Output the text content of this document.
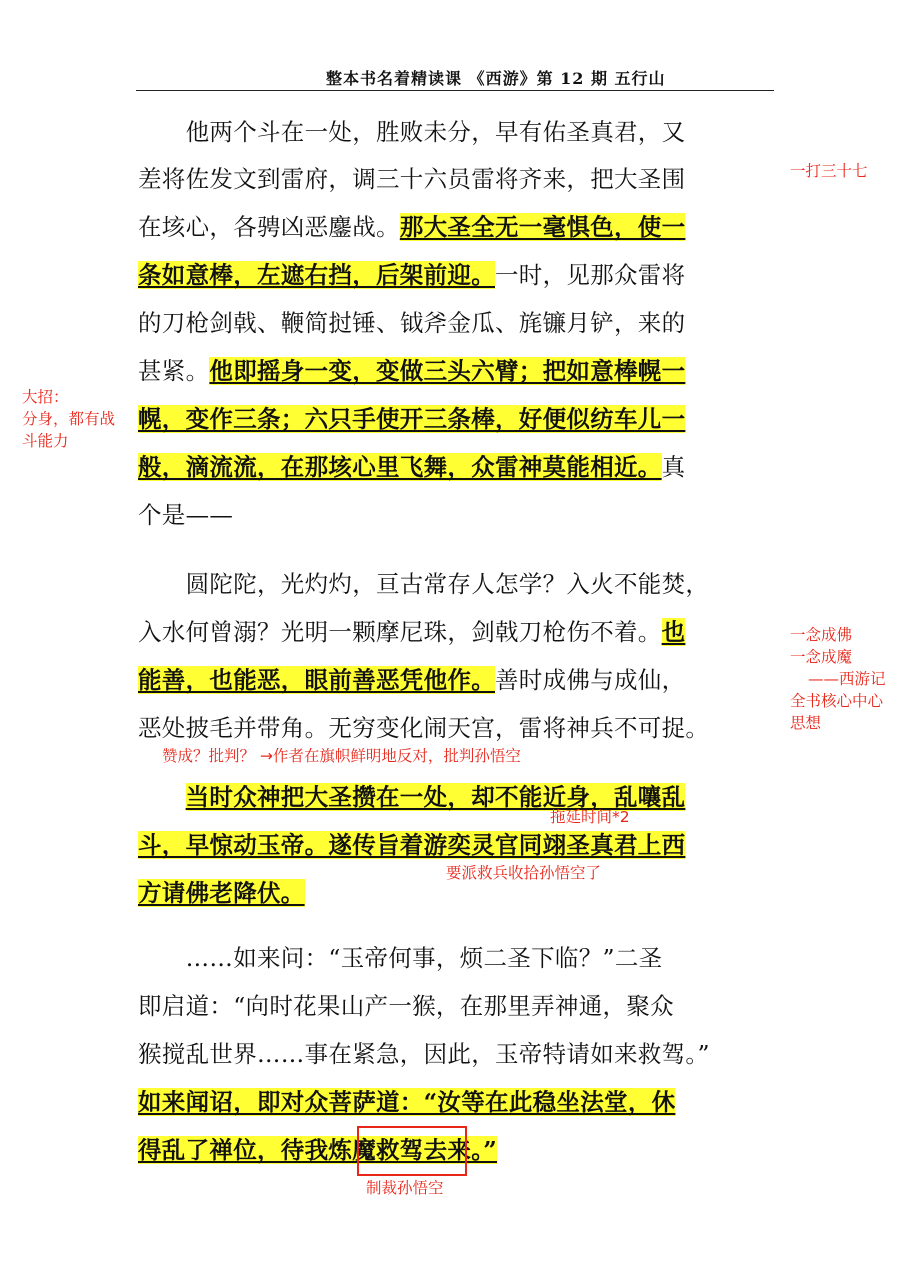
整本书名着精读课 《西游》第 12 期 五行山
　　他两个斗在一处，胜败未分，早有佑圣真君，又
差将佐发文到雷府，调三十六员雷将齐来，把大圣围
在垓心，各骋凶恶鏖战。那大圣全无一毫惧色，使一
条如意棒，左遮右挡，后架前迎。一时，见那众雷将
的刀枪剑戟、鞭简挝锤、钺斧金瓜、旄镰月铲，来的
甚紧。他即摇身一变，变做三头六臂；把如意棒幌一
幌，变作三条；六只手使开三条棒，好便似纺车儿一
般，滴流流，在那垓心里飞舞，众雷神莫能相近。真
个是——
　　圆陀陀，光灼灼，亘古常存人怎学？入火不能焚，
入水何曾溺？光明一颗摩尼珠，剑戟刀枪伤不着。也
能善，也能恶，眼前善恶凭他作。善时成佛与成仙，
恶处披毛并带角。无穷变化闹天宫，雷将神兵不可捉。
　　当时众神把大圣攒在一处，却不能近身，乱嚷乱
斗，早惊动玉帝。遂传旨着游奕灵官同翊圣真君上西
方请佛老降伏。
　　……如来问：“玉帝何事，烦二圣下临？”二圣
即启道：“向时花果山产一猴，在那里弄神通，聚众
猴搅乱世界……事在紧急，因此，玉帝特请如来救驾。”
如来闻诏，即对众菩萨道：“汝等在此稳坐法堂，休
得乱了禅位，待我炼魔救驾去来。”
一打三十七
大招：
分身，都有战
斗能力
一念成佛
一念成魔
——西游记
全书核心中心
思想
赞成？批判？ →作者在旗帜鲜明地反对，批判孙悟空
拖延时间*2
要派救兵收拾孙悟空了
制裁孙悟空
